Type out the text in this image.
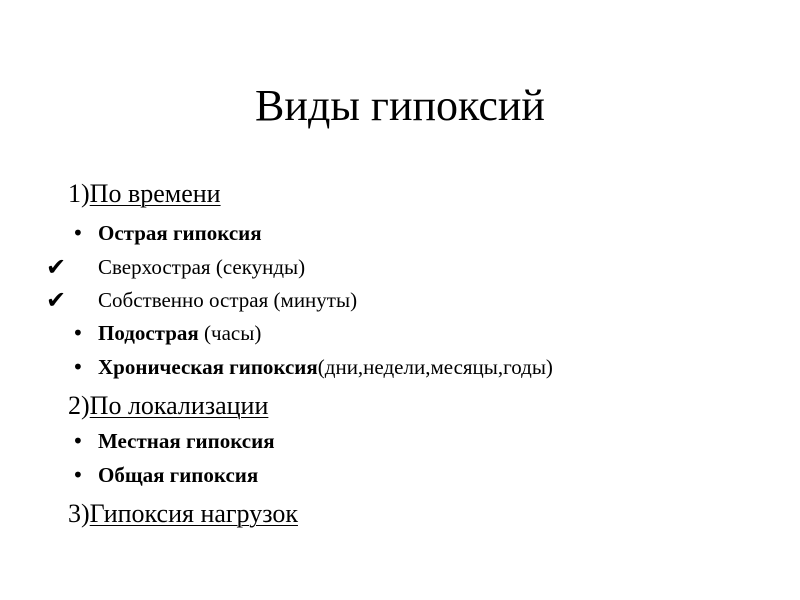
Виды гипоксий
1)По времени
• Острая гипоксия
✔	Сверхострая (секунды)
✔	Собственно острая (минуты)
• Подострая (часы)
• Хроническая гипоксия(дни,недели,месяцы,годы)
2)По локализации
• Местная гипоксия
• Общая гипоксия
3)Гипоксия нагрузок
